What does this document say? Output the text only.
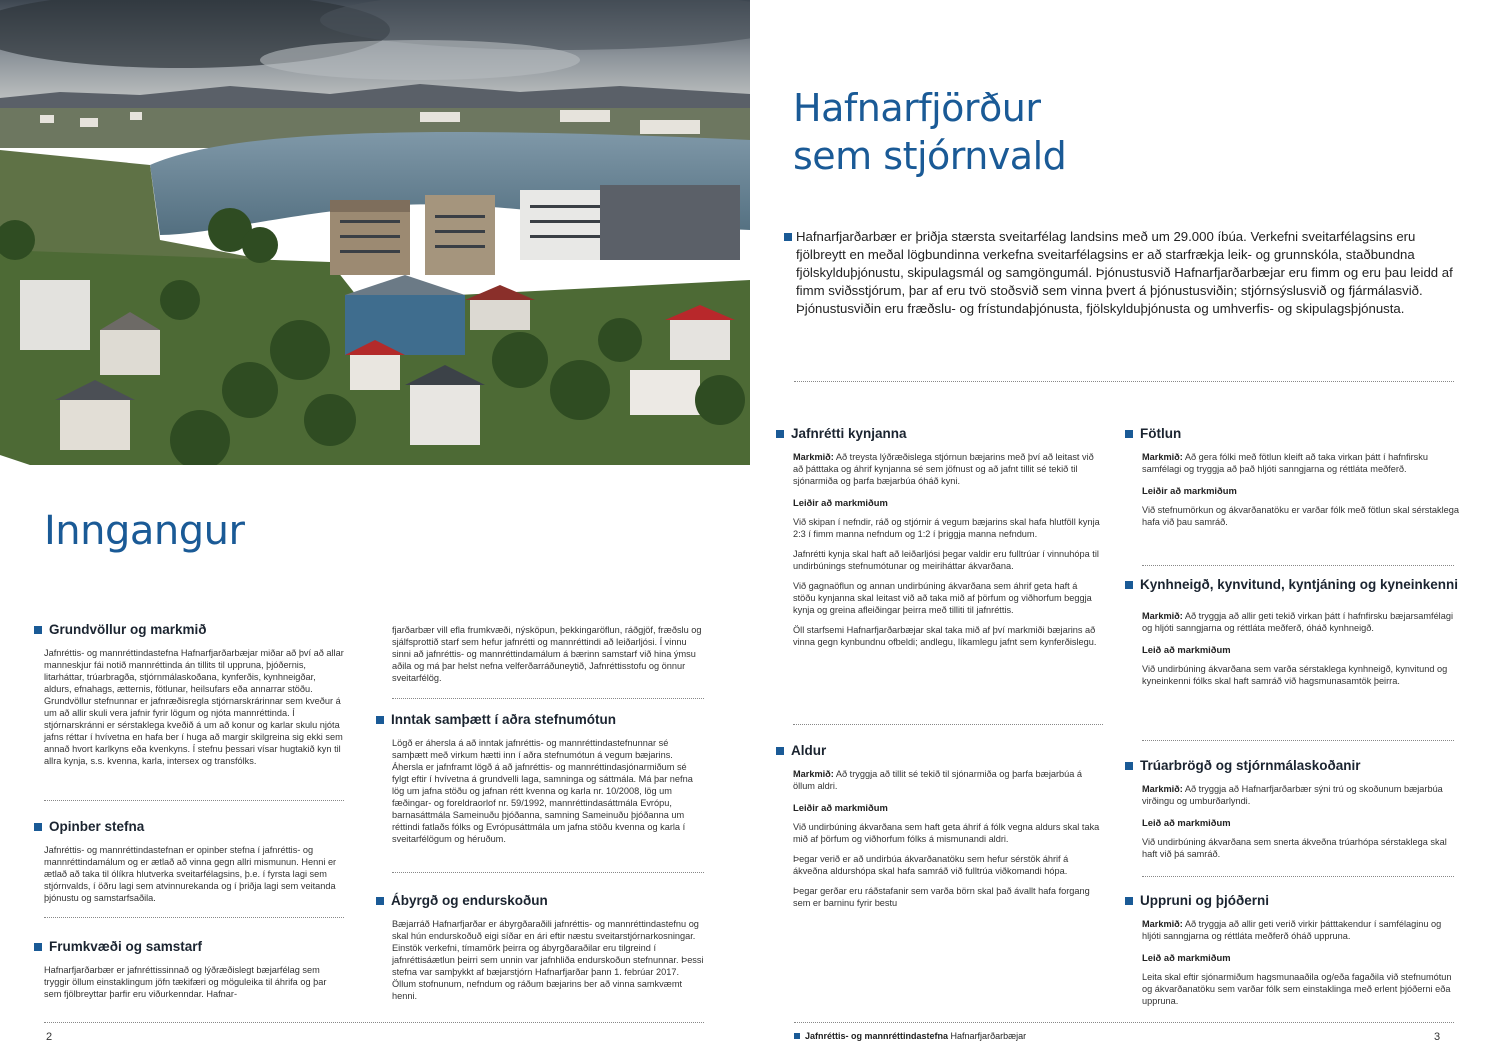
Inngangur
Grundvöllur og markmið

Jafnréttis- og mannréttindastefna Hafnarfjarðarbæjar miðar að því að allar manneskjur fái notið mannréttinda án tillits til uppruna, þjóðernis, litarháttar, trúarbragða, stjórnmálaskoðana, kynferðis, kynhneigðar, aldurs, efnahags, ætternis, fötlunar, heilsufars eða annarrar stöðu. Grundvöllur stefnunnar er jafnræðisregla stjórnarskrárinnar sem kveður á um að allir skuli vera jafnir fyrir lögum og njóta mannréttinda. Í stjórnarskránni er sérstaklega kveðið á um að konur og karlar skulu njóta jafns réttar í hvívetna en hafa ber í huga að margir skilgreina sig ekki sem annað hvort karlkyns eða kvenkyns. Í stefnu þessari vísar hugtakið kyn til allra kynja, s.s. kvenna, karla, intersex og transfólks.

Opinber stefna

Jafnréttis- og mannréttindastefnan er opinber stefna í jafnréttis- og mannréttindamálum og er ætlað að vinna gegn allri mismunun. Henni er ætlað að taka til ólíkra hlutverka sveitarfélagsins, þ.e. í fyrsta lagi sem stjórnvalds, í öðru lagi sem atvinnurekanda og í þriðja lagi sem veitanda þjónustu og samstarfsaðila.

Frumkvæði og samstarf

Hafnarfjarðarbær er jafnréttissinnað og lýðræðislegt bæjarfélag sem tryggir öllum einstaklingum jöfn tækifæri og möguleika til áhrifa og þar sem fjölbreyttar þarfir eru viðurkenndar. Hafnar-

fjarðarbær vill efla frumkvæði, nýsköpun, þekkingaröflun, ráðgjöf, fræðslu og sjálfsprottið starf sem hefur jafnrétti og mannréttindi að leiðarljósi. Í vinnu sinni að jafnréttis- og mannréttindamálum á bærinn samstarf við hina ýmsu aðila og má þar helst nefna velferðarráðuneytið, Jafnréttisstofu og önnur sveitarfélög.

Inntak samþætt í aðra stefnumótun

Lögð er áhersla á að inntak jafnréttis- og mannréttindastefnunnar sé samþætt með virkum hætti inn í aðra stefnumótun á vegum bæjarins. Áhersla er jafnframt lögð á að jafnréttis- og mannréttindasjónarmiðum sé fylgt eftir í hvívetna á grundvelli laga, samninga og sáttmála. Má þar nefna lög um jafna stöðu og jafnan rétt kvenna og karla nr. 10/2008, lög um fæðingar- og foreldraorlof nr. 59/1992, mannréttindasáttmála Evrópu, barnasáttmála Sameinuðu þjóðanna, samning Sameinuðu þjóðanna um réttindi fatlaðs fólks og Evrópusáttmála um jafna stöðu kvenna og karla í sveitarfélögum og héruðum.

Ábyrgð og endurskoðun

Bæjarráð Hafnarfjarðar er ábyrgðaraðili jafnréttis- og mannréttindastefnu og skal hún endurskoðuð eigi síðar en ári eftir næstu sveitarstjórnarkosningar. Einstök verkefni, tímamörk þeirra og ábyrgðaraðilar eru tilgreind í jafnréttisáætlun þeirri sem unnin var jafnhliða endurskoðun stefnunnar. Þessi stefna var samþykkt af bæjarstjórn Hafnarfjarðar þann 1. febrúar 2017. Öllum stofnunum, nefndum og ráðum bæjarins ber að vinna samkvæmt henni.

2
Hafnarfjörður
sem stjórnvald

Hafnarfjarðarbær er þriðja stærsta sveitarfélag landsins með um 29.000 íbúa. Verkefni sveitarfélagsins eru fjölbreytt en meðal lögbundinna verkefna sveitarfélagsins er að starfrækja leik- og grunnskóla, staðbundna fjölskylduþjónustu, skipulagsmál og samgöngumál. Þjónustusvið Hafnarfjarðarbæjar eru fimm og eru þau leidd af fimm sviðsstjórum, þar af eru tvö stoðsvið sem vinna þvert á þjónustusviðin; stjórnsýslusvið og fjármálasvið. Þjónustusviðin eru fræðslu- og frístundaþjónusta, fjölskylduþjónusta og umhverfis- og skipulagsþjónusta.

Jafnrétti kynjanna

Markmið: Að treysta lýðræðislega stjórnun bæjarins með því að leitast við að þátttaka og áhrif kynjanna sé sem jöfnust og að jafnt tillit sé tekið til sjónarmiða og þarfa bæjarbúa óháð kyni.

Leiðir að markmiðum

Við skipan í nefndir, ráð og stjórnir á vegum bæjarins skal hafa hlutföll kynja 2:3 í fimm manna nefndum og 1:2 í þriggja manna nefndum.

Jafnrétti kynja skal haft að leiðarljósi þegar valdir eru fulltrúar í vinnuhópa til undirbúnings stefnumótunar og meiriháttar ákvarðana.

Við gagnaöflun og annan undirbúning ákvarðana sem áhrif geta haft á stöðu kynjanna skal leitast við að taka mið af þörfum og viðhorfum beggja kynja og greina afleiðingar þeirra með tilliti til jafnréttis.

Öll starfsemi Hafnarfjarðarbæjar skal taka mið af því markmiði bæjarins að vinna gegn kynbundnu ofbeldi; andlegu, líkamlegu jafnt sem kynferðislegu.

Aldur

Markmið: Að tryggja að tillit sé tekið til sjónarmiða og þarfa bæjarbúa á öllum aldri.

Leiðir að markmiðum

Við undirbúning ákvarðana sem haft geta áhrif á fólk vegna aldurs skal taka mið af þörfum og viðhorfum fólks á mismunandi aldri.

Þegar verið er að undirbúa ákvarðanatöku sem hefur sérstök áhrif á ákveðna aldurshópa skal hafa samráð við fulltrúa viðkomandi hópa.

Þegar gerðar eru ráðstafanir sem varða börn skal það ávallt hafa forgang sem er barninu fyrir bestu

Fötlun

Markmið: Að gera fólki með fötlun kleift að taka virkan þátt í hafnfirsku samfélagi og tryggja að það hljóti sanngjarna og réttláta meðferð.

Leiðir að markmiðum

Við stefnumörkun og ákvarðanatöku er varðar fólk með fötlun skal sérstaklega hafa við þau samráð.

Kynhneigð, kynvitund, kyntjáning og kyneinkenni

Markmið: Að tryggja að allir geti tekið virkan þátt í hafnfirsku bæjarsamfélagi og hljóti sanngjarna og réttláta meðferð, óháð kynhneigð.

Leið að markmiðum

Við undirbúning ákvarðana sem varða sérstaklega kynhneigð, kynvitund og kyneinkenni fólks skal haft samráð við hagsmunasamtök þeirra.

Trúarbrögð og stjórnmálaskoðanir

Markmið: Að tryggja að Hafnarfjarðarbær sýni trú og skoðunum bæjarbúa virðingu og umburðarlyndi.

Leið að markmiðum

Við undirbúning ákvarðana sem snerta ákveðna trúarhópa sérstaklega skal haft við þá samráð.

Uppruni og þjóðerni

Markmið: Að tryggja að allir geti verið virkir þátttakendur í samfélaginu og hljóti sanngjarna og réttláta meðferð óháð uppruna.

Leið að markmiðum

Leita skal eftir sjónarmiðum hagsmunaaðila og/eða fagaðila við stefnumótun og ákvarðanatöku sem varðar fólk sem einstaklinga með erlent þjóðerni eða uppruna.

Jafnréttis- og mannréttindastefna
Hafnarfjarðarbæjar	3
